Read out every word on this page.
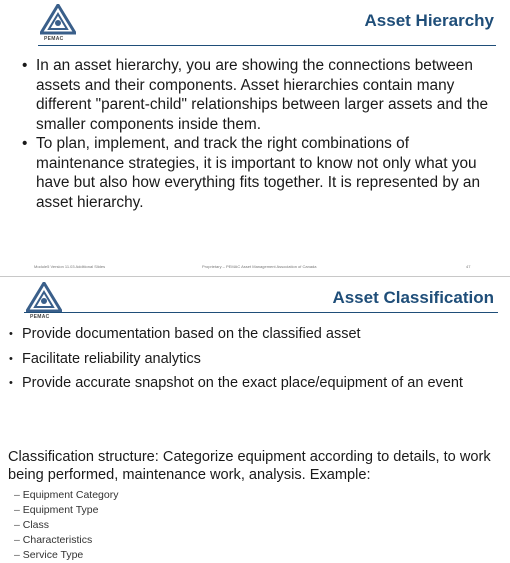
PEMAC
Asset Hierarchy
• In an asset hierarchy, you are showing the connections between assets and their components. Asset hierarchies contain many different "parent-child" relationships between larger assets and the smaller components inside them.
• To plan, implement, and track the right combinations of maintenance strategies, it is important to know not only what you have but also how everything fits together. It is represented by an asset hierarchy.
Module5 Version 11.03 Additional Slides	Proprietary – PEMAC Asset Management Association of Canada	47
PEMAC
Asset Classification
• Provide documentation based on the classified asset
• Facilitate reliability analytics
• Provide accurate snapshot on the exact place/equipment of an event
Classification structure: Categorize equipment according to details, to work being performed, maintenance work, analysis. Example:
– Equipment Category
– Equipment Type
– Class
– Characteristics
– Service Type
